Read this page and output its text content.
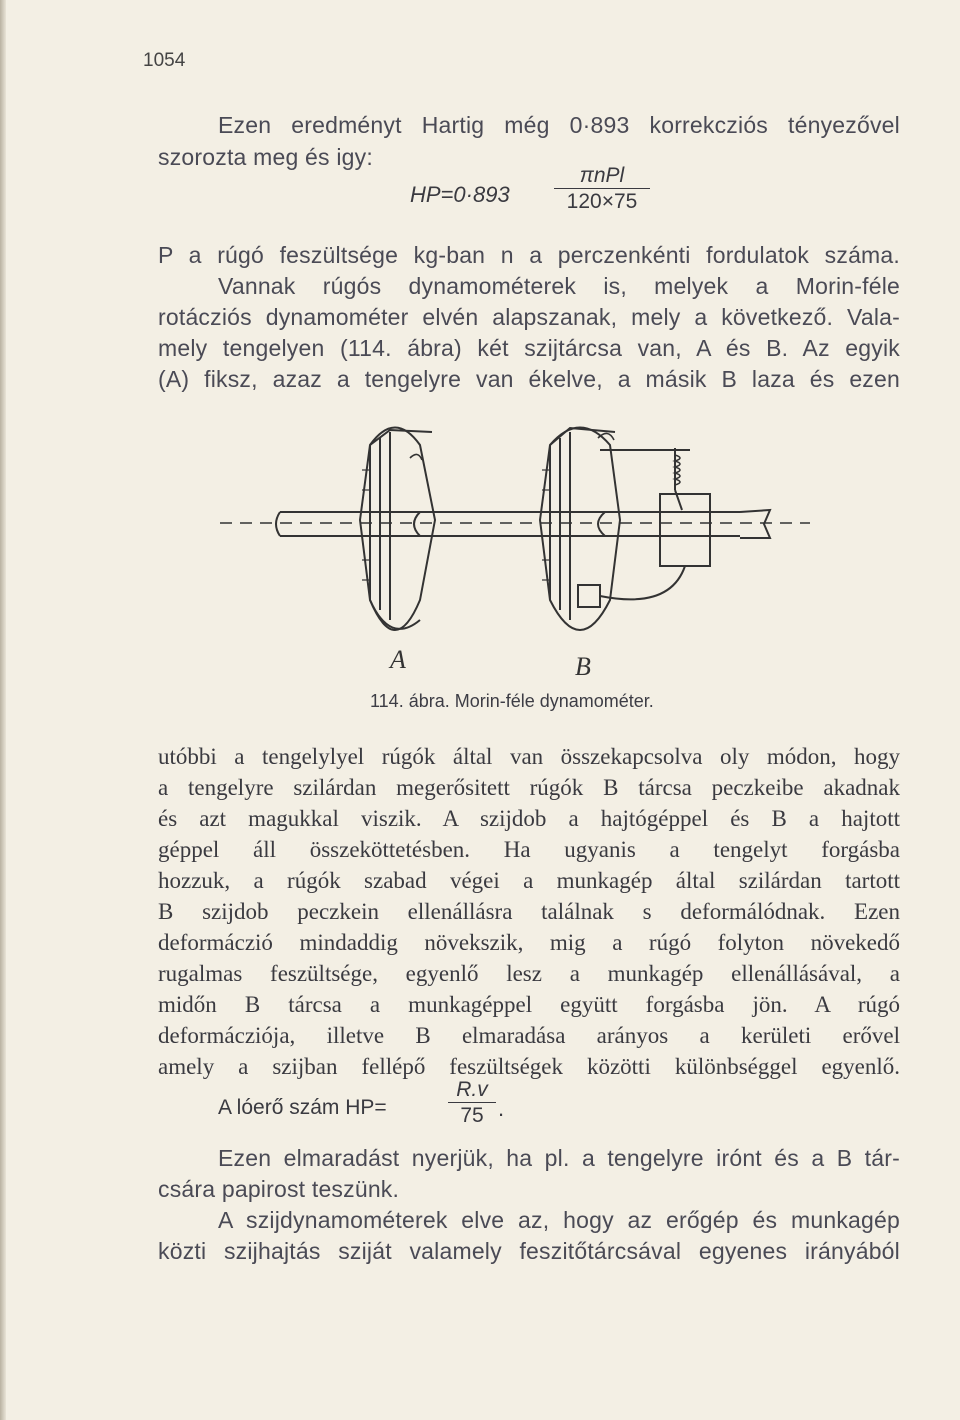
1054
Ezen eredményt Hartig még 0·893 korrekcziós tényezővel
szorozta meg és igy:
HP=0·893
πnPl
120×75
P a rúgó feszültsége kg-ban n a perczenkénti fordulatok száma.
Vannak rúgós dynamométerek is, melyek a Morin-féle
rotácziós dynamométer elvén alapszanak, mely a következő. Vala-
mely tengelyen (114. ábra) két szijtárcsa van, A és B. Az egyik
(A) fiksz, azaz a tengelyre van ékelve, a másik B laza és ezen
A	B
114. ábra. Morin-féle dynamométer.
utóbbi a tengelylyel rúgók által van összekapcsolva oly módon, hogy
a tengelyre szilárdan megerősitett rúgók B tárcsa peczkeibe akadnak
és azt magukkal viszik. A szijdob a hajtógéppel és B a hajtott
géppel áll összeköttetésben. Ha ugyanis a tengelyt forgásba
hozzuk, a rúgók szabad végei a munkagép által szilárdan tartott
B szijdob peczkein ellenállásra találnak s deformálódnak. Ezen
deformáczió mindaddig növekszik, mig a rúgó folyton növekedő
rugalmas feszültsége, egyenlő lesz a munkagép ellenállásával, a
midőn B tárcsa a munkagéppel együtt forgásba jön. A rúgó
deformácziója, illetve B elmaradása arányos a kerületi erővel
amely a szijban fellépő feszültségek közötti különbséggel egyenlő.
A lóerő szám HP=	$\frac{R.v}{75}$ .
Ezen elmaradást nyerjük, ha pl. a tengelyre irónt és a B tár-
csára papirost teszünk.
A szijdynamométerek elve az, hogy az erőgép és munkagép
közti szijhajtás sziját valamely feszitőtárcsával egyenes irányából
